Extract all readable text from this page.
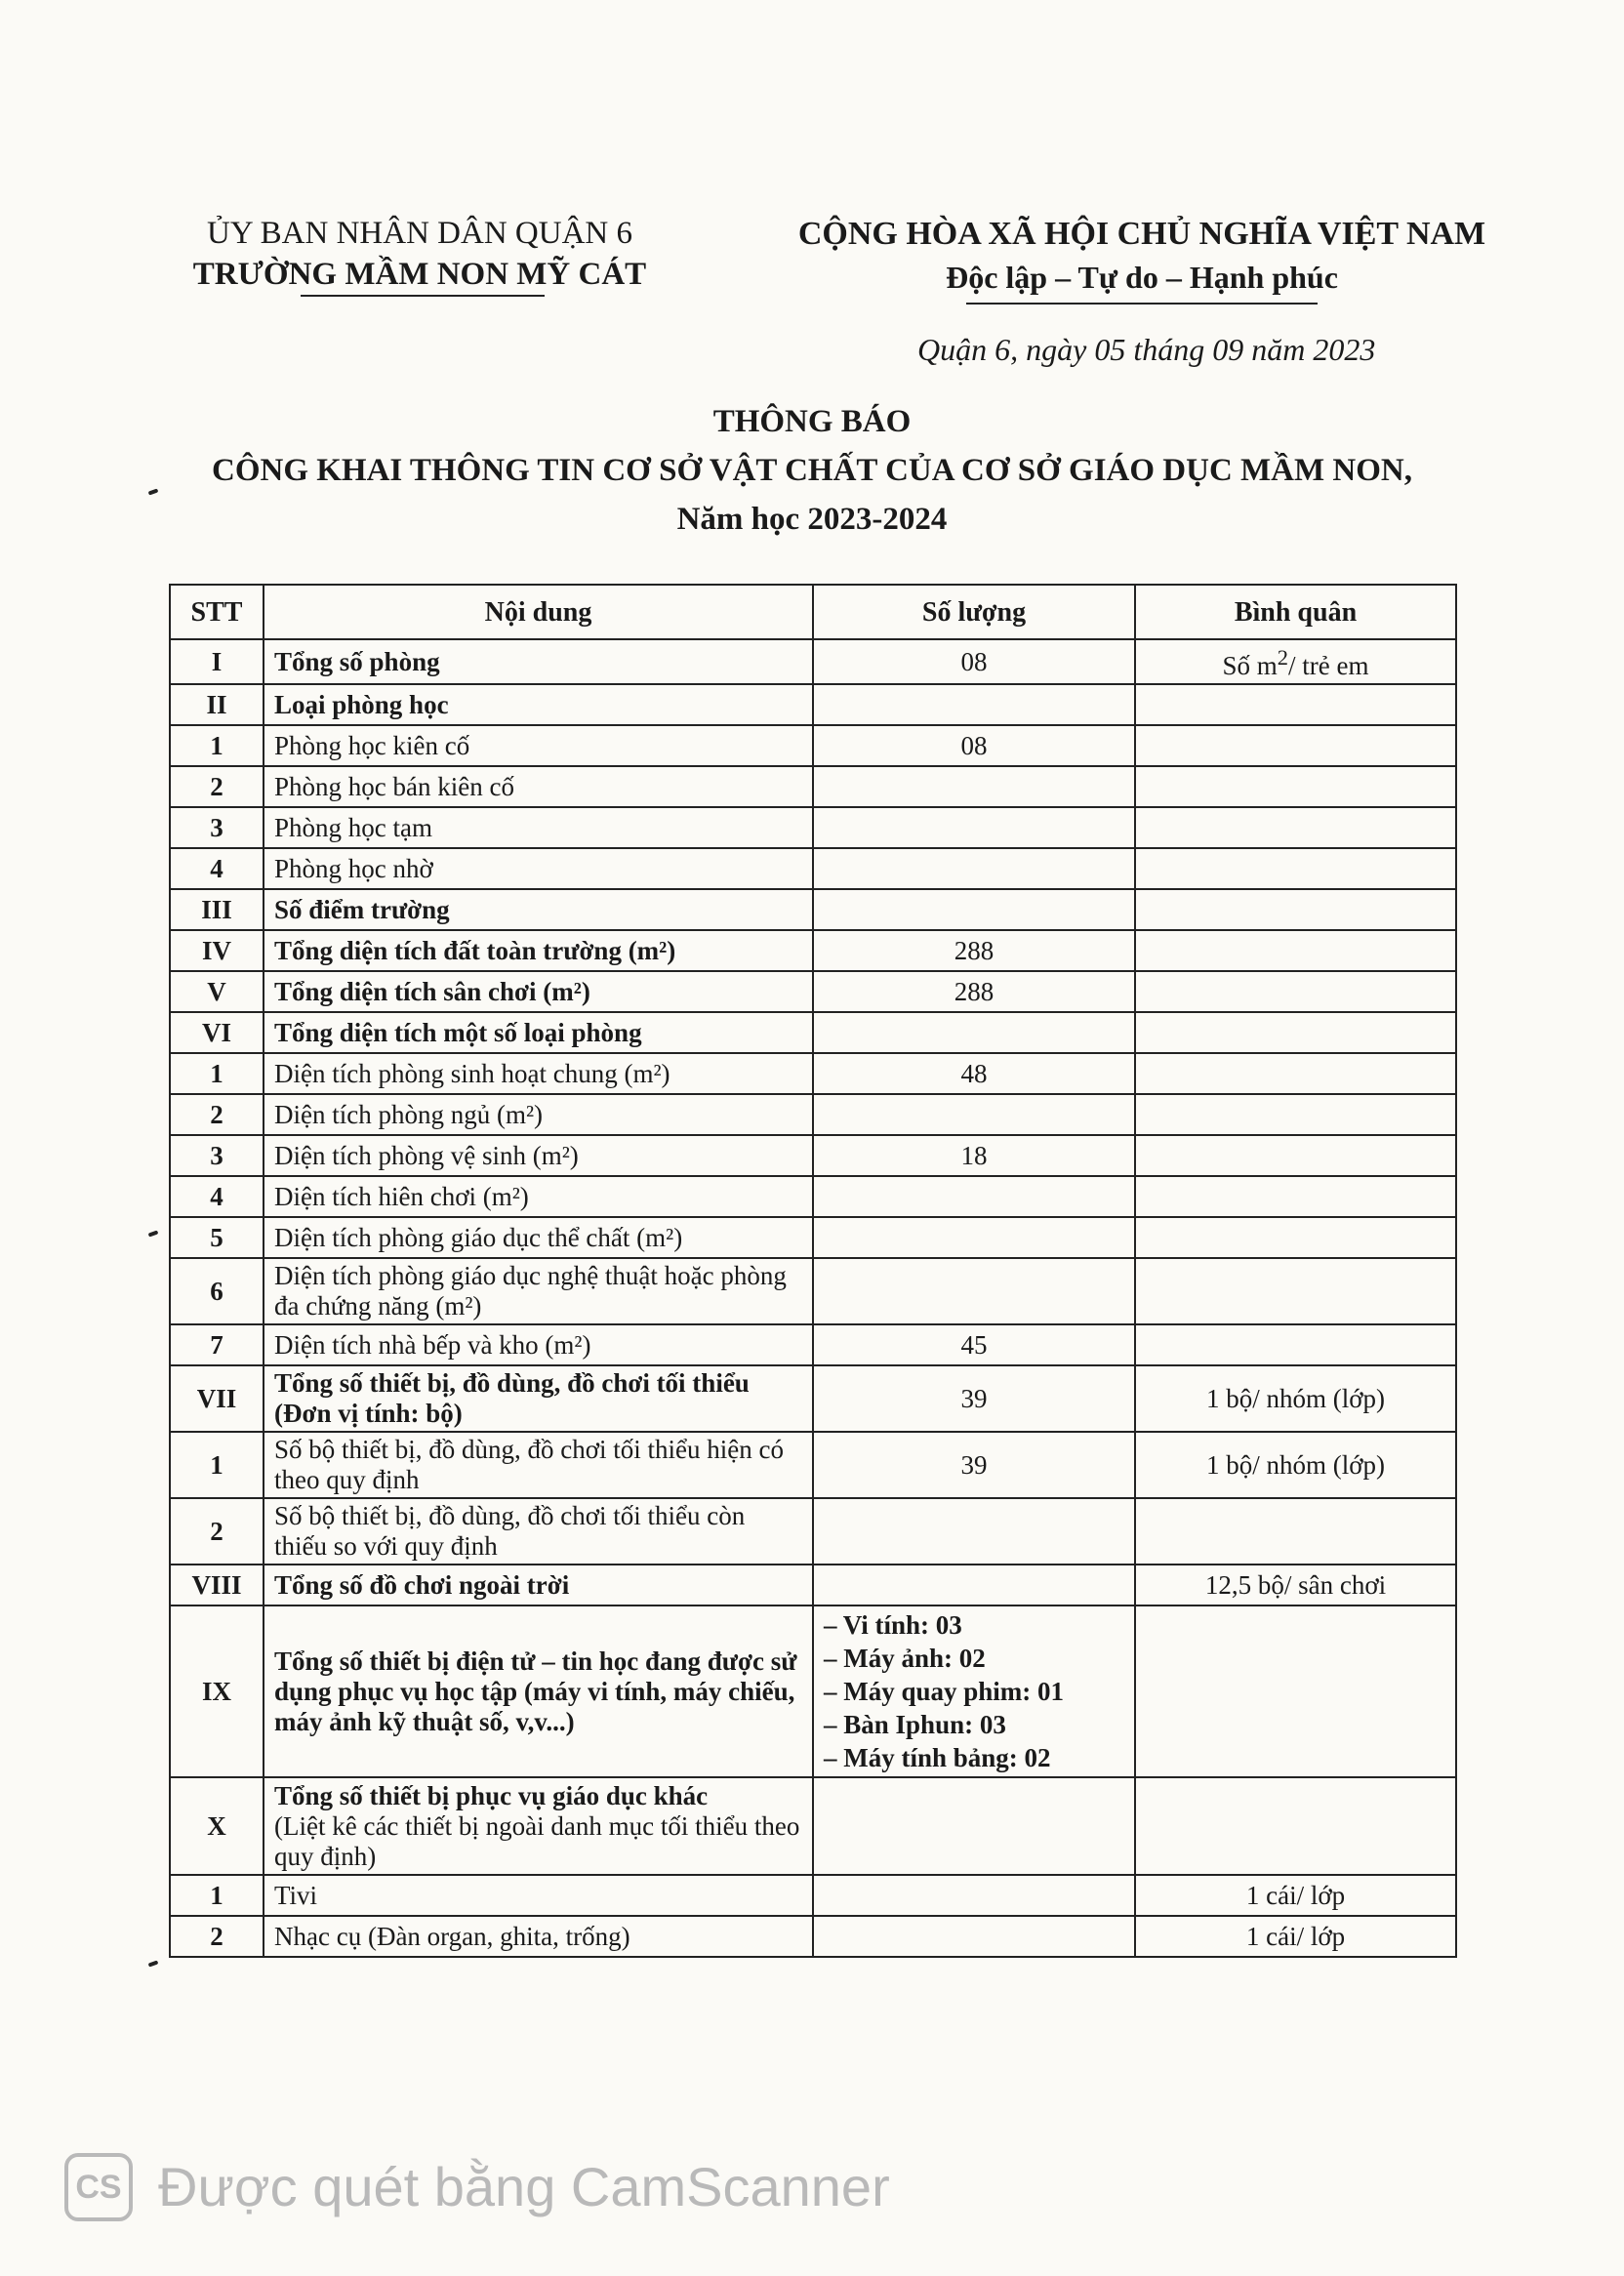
ỦY BAN NHÂN DÂN QUẬN 6
TRƯỜNG MẦM NON MỸ CÁT
CỘNG HÒA XÃ HỘI CHỦ NGHĨA VIỆT NAM
Độc lập – Tự do – Hạnh phúc
Quận 6, ngày 05 tháng 09 năm 2023
THÔNG BÁO
CÔNG KHAI THÔNG TIN CƠ SỞ VẬT CHẤT CỦA CƠ SỞ GIÁO DỤC MẦM NON,
Năm học 2023-2024
STT	Nội dung	Số lượng	Bình quân
I	Tổng số phòng	08	Số $m^2/$ trẻ em
II	Loại phòng học		
1	Phòng học kiên cố	08	
2	Phòng học bán kiên cố		
3	Phòng học tạm		
4	Phòng học nhờ		
III	Số điểm trường		
IV	Tổng diện tích đất toàn trường (m²)	288	
V	Tổng diện tích sân chơi (m²)	288	
VI	Tổng diện tích một số loại phòng		
1	Diện tích phòng sinh hoạt chung (m²)	48	
2	Diện tích phòng ngủ (m²)		
3	Diện tích phòng vệ sinh (m²)	18	
4	Diện tích hiên chơi (m²)		
5	Diện tích phòng giáo dục thể chất (m²)		
6	Diện tích phòng giáo dục nghệ thuật hoặc phòng đa chứng năng (m²)		
7	Diện tích nhà bếp và kho (m²)	45	
VII	Tổng số thiết bị, đồ dùng, đồ chơi tối thiểu (Đơn vị tính: bộ)	39	1 bộ/ nhóm (lớp)
1	Số bộ thiết bị, đồ dùng, đồ chơi tối thiểu hiện có theo quy định	39	1 bộ/ nhóm (lớp)
2	Số bộ thiết bị, đồ dùng, đồ chơi tối thiểu còn thiếu so với quy định		
VIII	Tổng số đồ chơi ngoài trời		12,5 bộ/ sân chơi
IX	Tổng số thiết bị điện tử – tin học đang được sử dụng phục vụ học tập (máy vi tính, máy chiếu, máy ảnh kỹ thuật số, v,v...)	– Vi tính: 03
– Máy ảnh: 02
– Máy quay phim: 01
– Bàn Iphun: 03
– Máy tính bảng: 02	

X	Tổng số thiết bị phục vụ giáo dục khác
(Liệt kê các thiết bị ngoài danh mục tối thiểu theo quy định)		
1	Tivi		1 cái/ lớp
2	Nhạc cụ (Đàn organ, ghita, trống)		1 cái/ lớp
CS Được quét bằng CamScanner
